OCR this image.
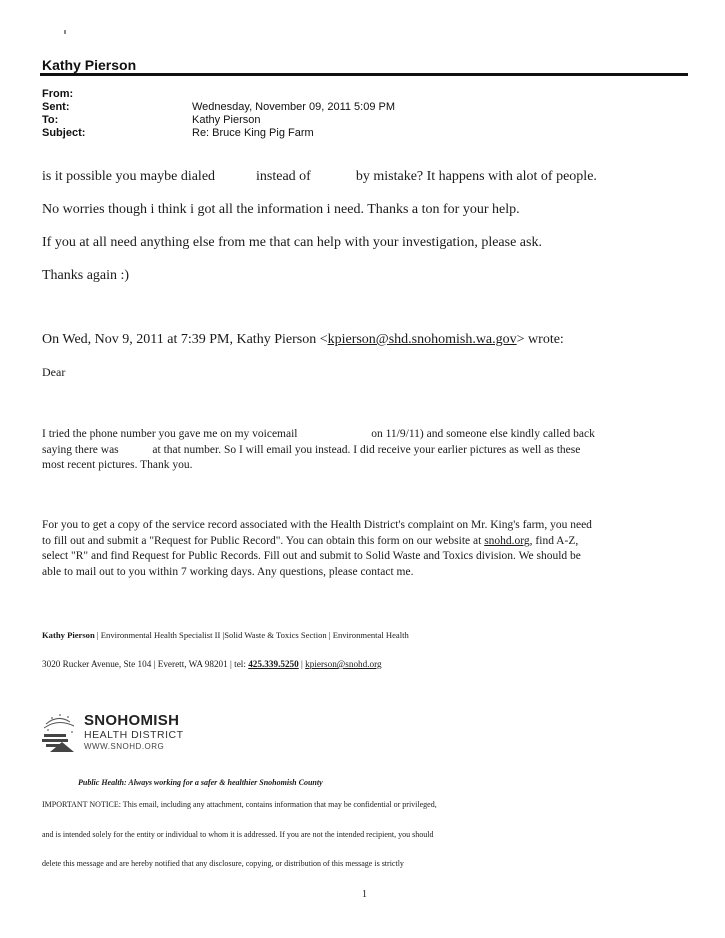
Kathy Pierson
From:
Sent:	Wednesday, November 09, 2011 5:09 PM
To:	Kathy Pierson
Subject:	Re: Bruce King Pig Farm
is it possible you maybe dialed	instead of	by mistake? It happens with alot of people.
No worries though i think i got all the information i need. Thanks a ton for your help.
If you at all need anything else from me that can help with your investigation, please ask.
Thanks again :)
On Wed, Nov 9, 2011 at 7:39 PM, Kathy Pierson <kpierson@shd.snohomish.wa.gov> wrote:
Dear
I tried the phone number you gave me on my voicemail	on 11/9/11) and someone else kindly called back
saying there was	at that number. So I will email you instead. I did receive your earlier pictures as well as these
most recent pictures. Thank you.
For you to get a copy of the service record associated with the Health District's complaint on Mr. King's farm, you need
to fill out and submit a "Request for Public Record". You can obtain this form on our website at snohd.org, find A-Z,
select "R" and find Request for Public Records. Fill out and submit to Solid Waste and Toxics division. We should be
able to mail out to you within 7 working days. Any questions, please contact me.
Kathy Pierson | Environmental Health Specialist II |Solid Waste & Toxics Section | Environmental Health
3020 Rucker Avenue, Ste 104 | Everett, WA 98201 | tel: 425.339.5250 | kpierson@snohd.org
SNOHOMISH
HEALTH DISTRICT
WWW.SNOHD.ORG
Public Health: Always working for a safer & healthier Snohomish County
IMPORTANT NOTICE: This email, including any attachment, contains information that may be confidential or privileged,
and is intended solely for the entity or individual to whom it is addressed. If you are not the intended recipient, you should
delete this message and are hereby notified that any disclosure, copying, or distribution of this message is strictly
1
